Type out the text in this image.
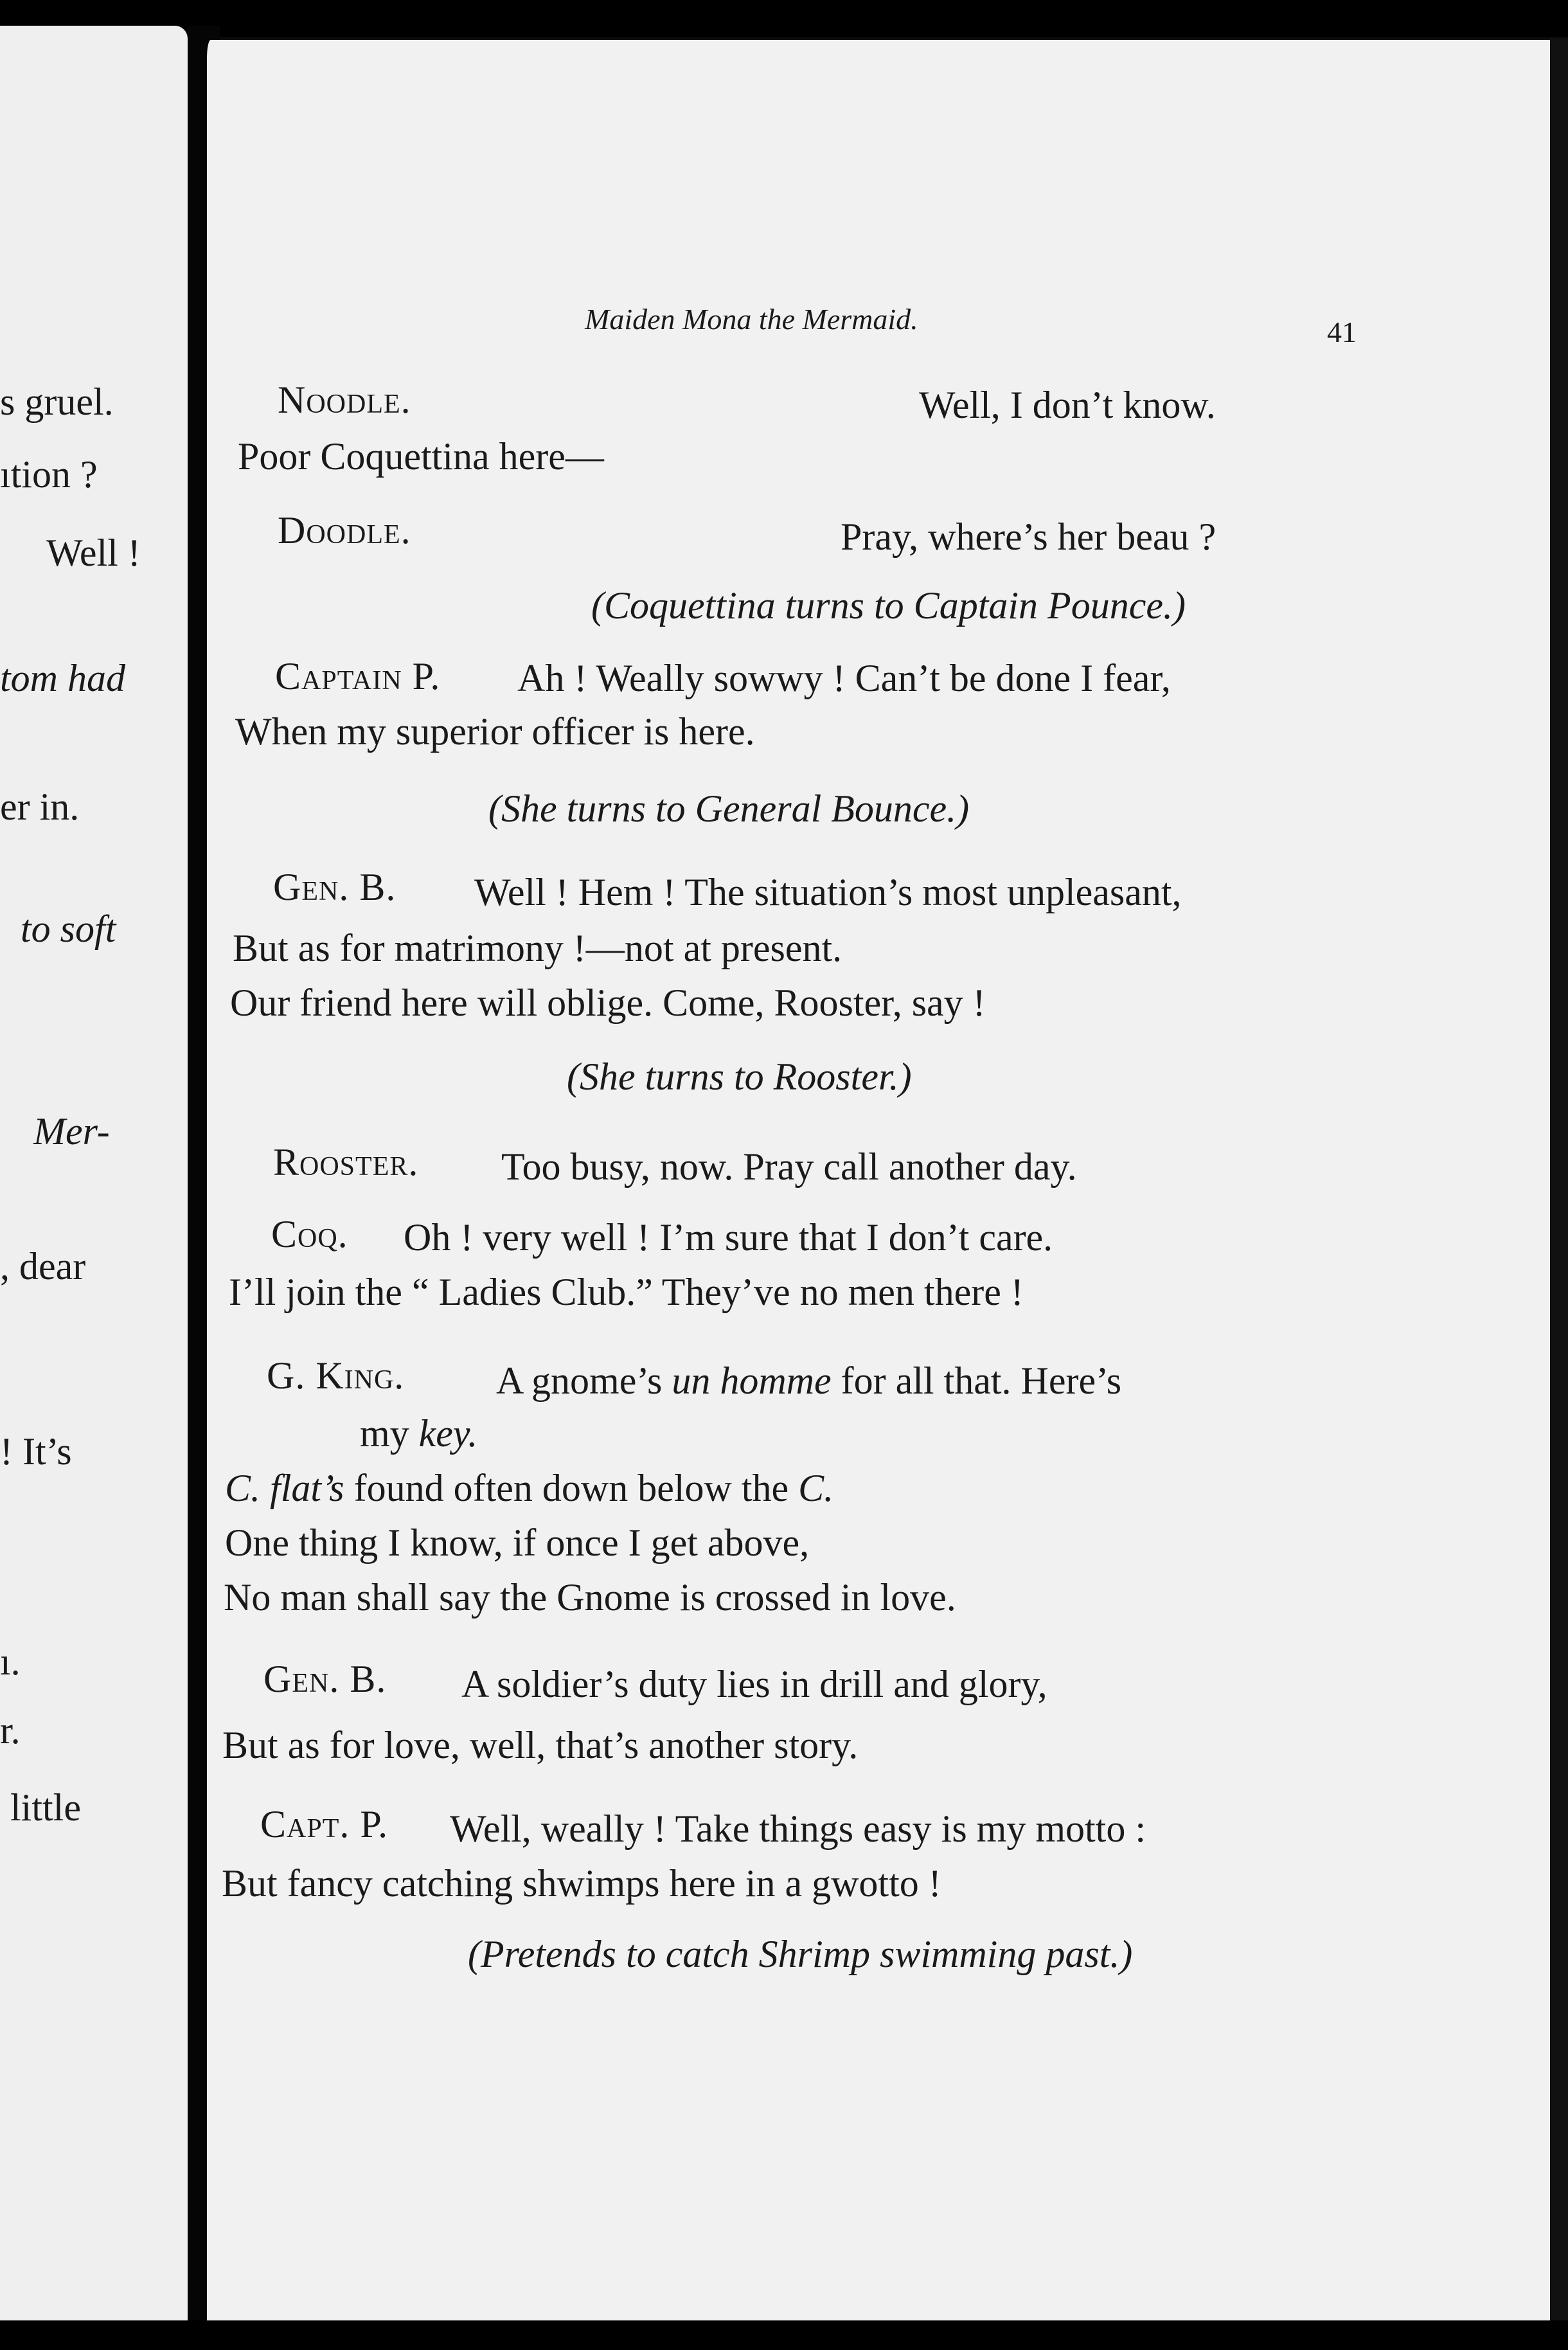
s gruel.
ıtion ?
Well !
tom had
er in.
to soft
Mer-
, dear
! It’s
ı.
r.
little
Maiden Mona the Mermaid.	41
Noodle.	Well, I don’t know.
Poor Coquettina here—
Doodle.	Pray, where’s her beau ?
(Coquettina turns to Captain Pounce.)
Captain P. Ah ! Weally sowwy ! Can’t be done I fear,
When my superior officer is here.
(She turns to General Bounce.)
Gen. B. Well ! Hem ! The situation’s most unpleasant,
But as for matrimony !—not at present.
Our friend here will oblige. Come, Rooster, say !
(She turns to Rooster.)
Rooster. Too busy, now. Pray call another day.
Coq. Oh ! very well ! I’m sure that I don’t care.
I’ll join the “ Ladies Club.” They’ve no men there !
G. King. A gnome’s un homme for all that. Here’s
my key.
C. flat’s found often down below the C.
One thing I know, if once I get above,
No man shall say the Gnome is crossed in love.
Gen. B. A soldier’s duty lies in drill and glory,
But as for love, well, that’s another story.
Capt. P. Well, weally ! Take things easy is my motto :
But fancy catching shwimps here in a gwotto !
(Pretends to catch Shrimp swimming past.)
